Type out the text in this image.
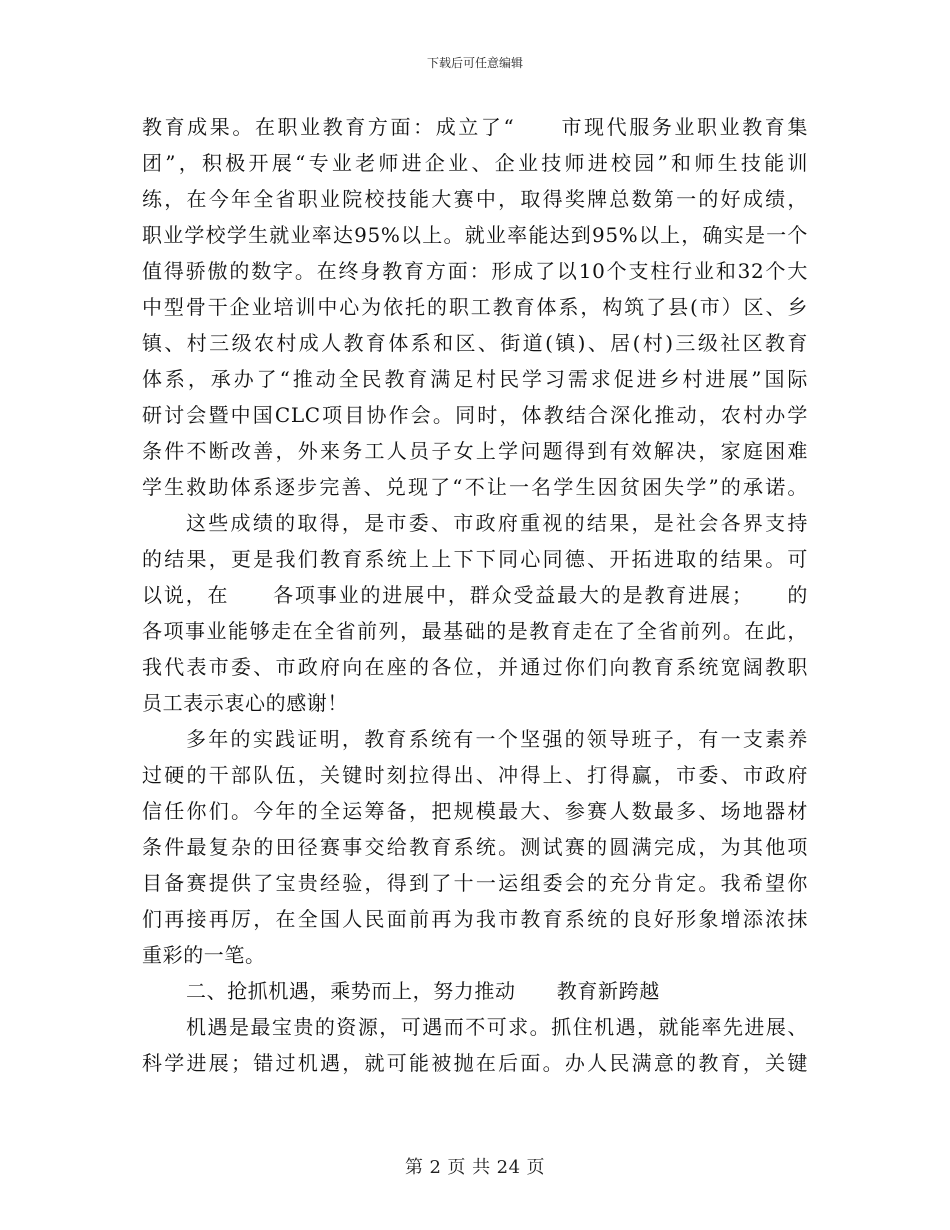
下载后可任意编辑
教育成果。在职业教育方面：成立了“　　市现代服务业职业教育集
团”，积极开展“专业老师进企业、企业技师进校园”和师生技能训
练，在今年全省职业院校技能大赛中，取得奖牌总数第一的好成绩，
职业学校学生就业率达95%以上。就业率能达到95%以上，确实是一个
值得骄傲的数字。在终身教育方面：形成了以10个支柱行业和32个大
中型骨干企业培训中心为依托的职工教育体系，构筑了县(市）区、乡
镇、村三级农村成人教育体系和区、街道(镇)、居(村)三级社区教育
体系，承办了“推动全民教育满足村民学习需求促进乡村进展”国际
研讨会暨中国CLC项目协作会。同时，体教结合深化推动，农村办学
条件不断改善，外来务工人员子女上学问题得到有效解决，家庭困难
学生救助体系逐步完善、兑现了“不让一名学生因贫困失学”的承诺。
这些成绩的取得，是市委、市政府重视的结果，是社会各界支持
的结果，更是我们教育系统上上下下同心同德、开拓进取的结果。可
以说，在　　各项事业的进展中，群众受益最大的是教育进展；　　的
各项事业能够走在全省前列，最基础的是教育走在了全省前列。在此，
我代表市委、市政府向在座的各位，并通过你们向教育系统宽阔教职
员工表示衷心的感谢！
多年的实践证明，教育系统有一个坚强的领导班子，有一支素养
过硬的干部队伍，关键时刻拉得出、冲得上、打得赢，市委、市政府
信任你们。今年的全运筹备，把规模最大、参赛人数最多、场地器材
条件最复杂的田径赛事交给教育系统。测试赛的圆满完成，为其他项
目备赛提供了宝贵经验，得到了十一运组委会的充分肯定。我希望你
们再接再厉，在全国人民面前再为我市教育系统的良好形象增添浓抹
重彩的一笔。
二、抢抓机遇，乘势而上，努力推动　　教育新跨越
机遇是最宝贵的资源，可遇而不可求。抓住机遇，就能率先进展、
科学进展；错过机遇，就可能被抛在后面。办人民满意的教育，关键
第 2 页 共 24 页
